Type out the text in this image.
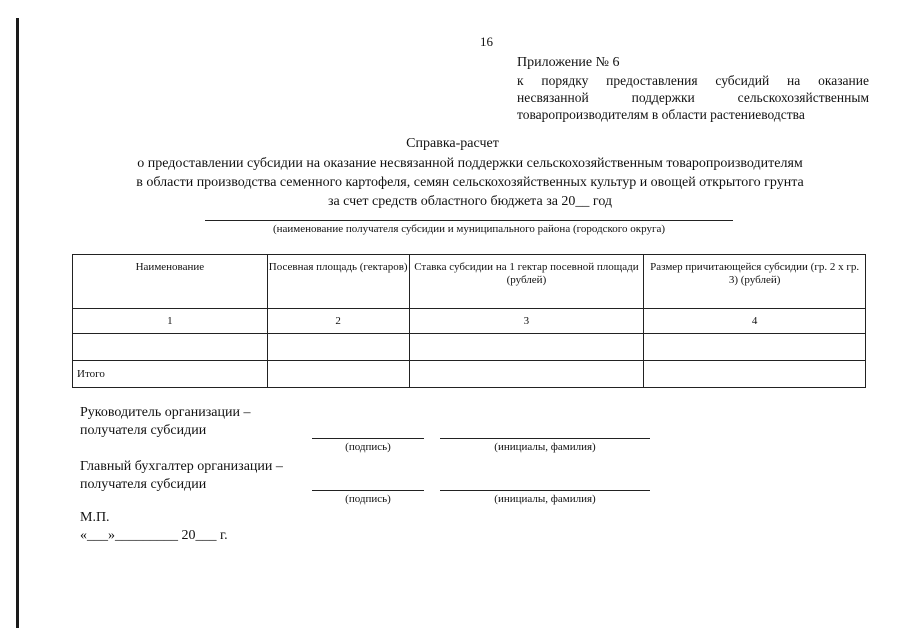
16
Приложение № 6
к порядку предоставления субсидий на оказание несвязанной поддержки сельскохозяйственным товаропроизводителям в области растениеводства
Справка-расчет
о предоставлении субсидии на оказание несвязанной поддержки сельскохозяйственным товаропроизводителям
в области производства семенного картофеля, семян сельскохозяйственных культур и овощей открытого грунта
за счет средств областного бюджета за 20__ год
(наименование получателя субсидии и муниципального района (городского округа)
Наименование	Посевная площадь (гектаров)	Ставка субсидии на 1 гектар посевной площади (рублей)	Размер причитающейся субсидии (гр. 2 х гр. 3) (рублей)
1	2	3	4

Итого			
Руководитель организации –
получателя субсидии
(подпись)	(инициалы, фамилия)
Главный бухгалтер организации –
получателя субсидии
(подпись)	(инициалы, фамилия)
М.П.
«___»_________ 20___ г.
